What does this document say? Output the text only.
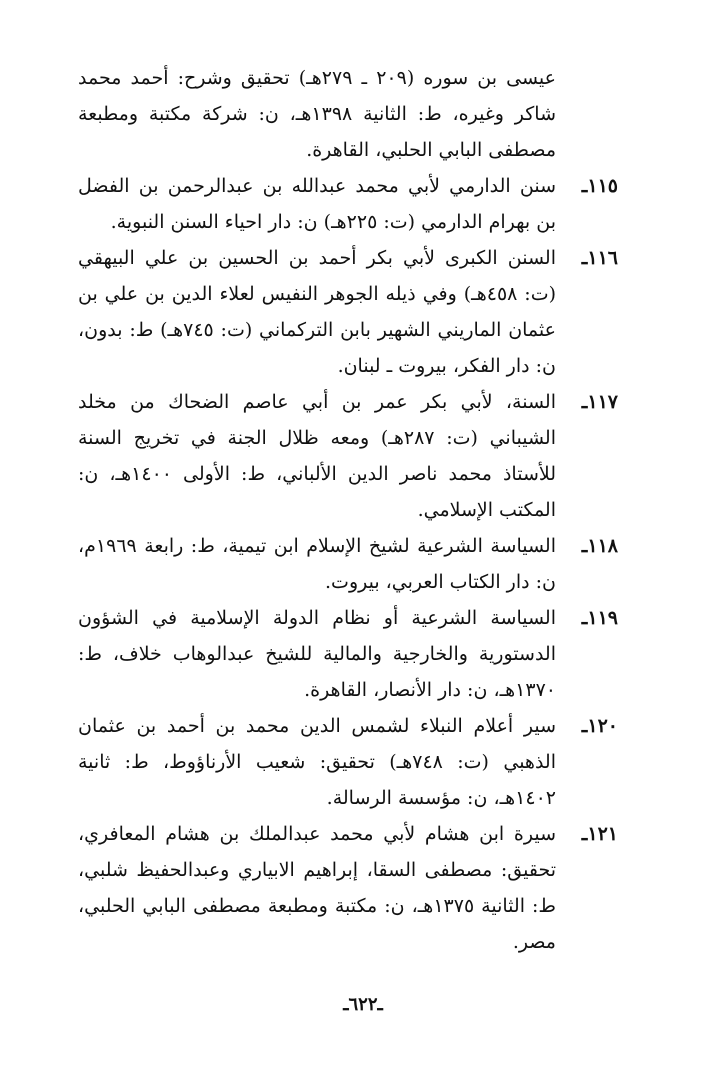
عيسى بن سوره (٢٠٩ ـ ٢٧٩هـ) تحقيق وشرح: أحمد محمد شاكر وغيره، ط: الثانية ١٣٩٨هـ، ن: شركة مكتبة ومطبعة مصطفى البابي الحلبي، القاهرة.
١١٥ـ
سنن الدارمي لأبي محمد عبدالله بن عبدالرحمن بن الفضل بن بهرام الدارمي (ت: ٢٢٥هـ) ن: دار احياء السنن النبوية.
١١٦ـ
السنن الكبرى لأبي بكر أحمد بن الحسين بن علي البيهقي (ت: ٤٥٨هـ) وفي ذيله الجوهر النفيس لعلاء الدين بن علي بن عثمان الماريني الشهير بابن التركماني (ت: ٧٤٥هـ) ط: بدون، ن: دار الفكر، بيروت ـ لبنان.
١١٧ـ
السنة، لأبي بكر عمر بن أبي عاصم الضحاك من مخلد الشيباني (ت: ٢٨٧هـ) ومعه ظلال الجنة في تخريج السنة للأستاذ محمد ناصر الدين الألباني، ط: الأولى ١٤٠٠هـ، ن: المكتب الإسلامي.
١١٨ـ
السياسة الشرعية لشيخ الإسلام ابن تيمية، ط: رابعة ١٩٦٩م، ن: دار الكتاب العربي، بيروت.
١١٩ـ
السياسة الشرعية أو نظام الدولة الإسلامية في الشؤون الدستورية والخارجية والمالية للشيخ عبدالوهاب خلاف، ط: ١٣٧٠هـ، ن: دار الأنصار، القاهرة.
١٢٠ـ
سير أعلام النبلاء لشمس الدين محمد بن أحمد بن عثمان الذهبي (ت: ٧٤٨هـ) تحقيق: شعيب الأرناؤوط، ط: ثانية ١٤٠٢هـ، ن: مؤسسة الرسالة.
١٢١ـ
سيرة ابن هشام لأبي محمد عبدالملك بن هشام المعافري، تحقيق: مصطفى السقا، إبراهيم الابياري وعبدالحفيظ شلبي، ط: الثانية ١٣٧٥هـ، ن: مكتبة ومطبعة مصطفى البابي الحلبي، مصر.
ـ٦٢٢ـ
